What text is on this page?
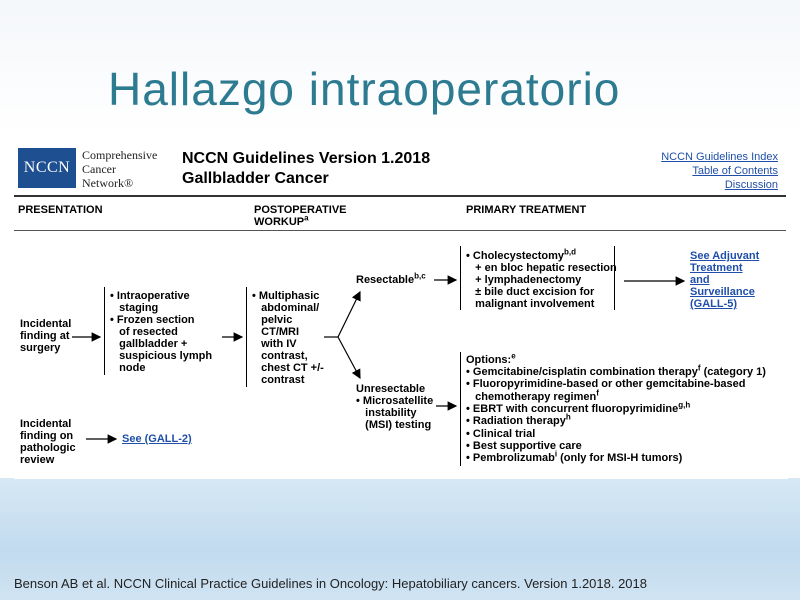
Hallazgo intraoperatorio
NCCN
Comprehensive
Cancer
Network®
NCCN Guidelines Version 1.2018
Gallbladder Cancer
NCCN Guidelines Index
Table of Contents
Discussion
PRESENTATION	POSTOPERATIVE
WORKUP$^a$
PRIMARY TREATMENT
Incidental
finding at
surgery
Incidental
finding on
pathologic
review
• Intraoperative
staging
• Frozen section
of resected
gallbladder +
suspicious lymph
node
• Multiphasic
abdominal/
pelvic
CT/MRI
with IV
contrast,
chest CT +/-
contrast
See (GALL-2)
Resectable$^{b,c}$
• Cholecystectomy$^{b,d}$
+ en bloc hepatic resection
+ lymphadenectomy
± bile duct excision for
malignant involvement
See Adjuvant
Treatment
and
Surveillance
(GALL-5)
Unresectable
• Microsatellite
instability
(MSI) testing
Options:$^e$
• Gemcitabine/cisplatin combination therapy$^f$ (category 1)
• Fluoropyrimidine-based or other gemcitabine-based
chemotherapy regimen$^f$
• EBRT with concurrent fluoropyrimidine$^{g,h}$
• Radiation therapy$^h$
• Clinical trial
• Best supportive care
• Pembrolizumab$^i$ (only for MSI-H tumors)
Benson AB et al. NCCN Clinical Practice Guidelines in Oncology: Hepatobiliary cancers. Version 1.2018. 2018
